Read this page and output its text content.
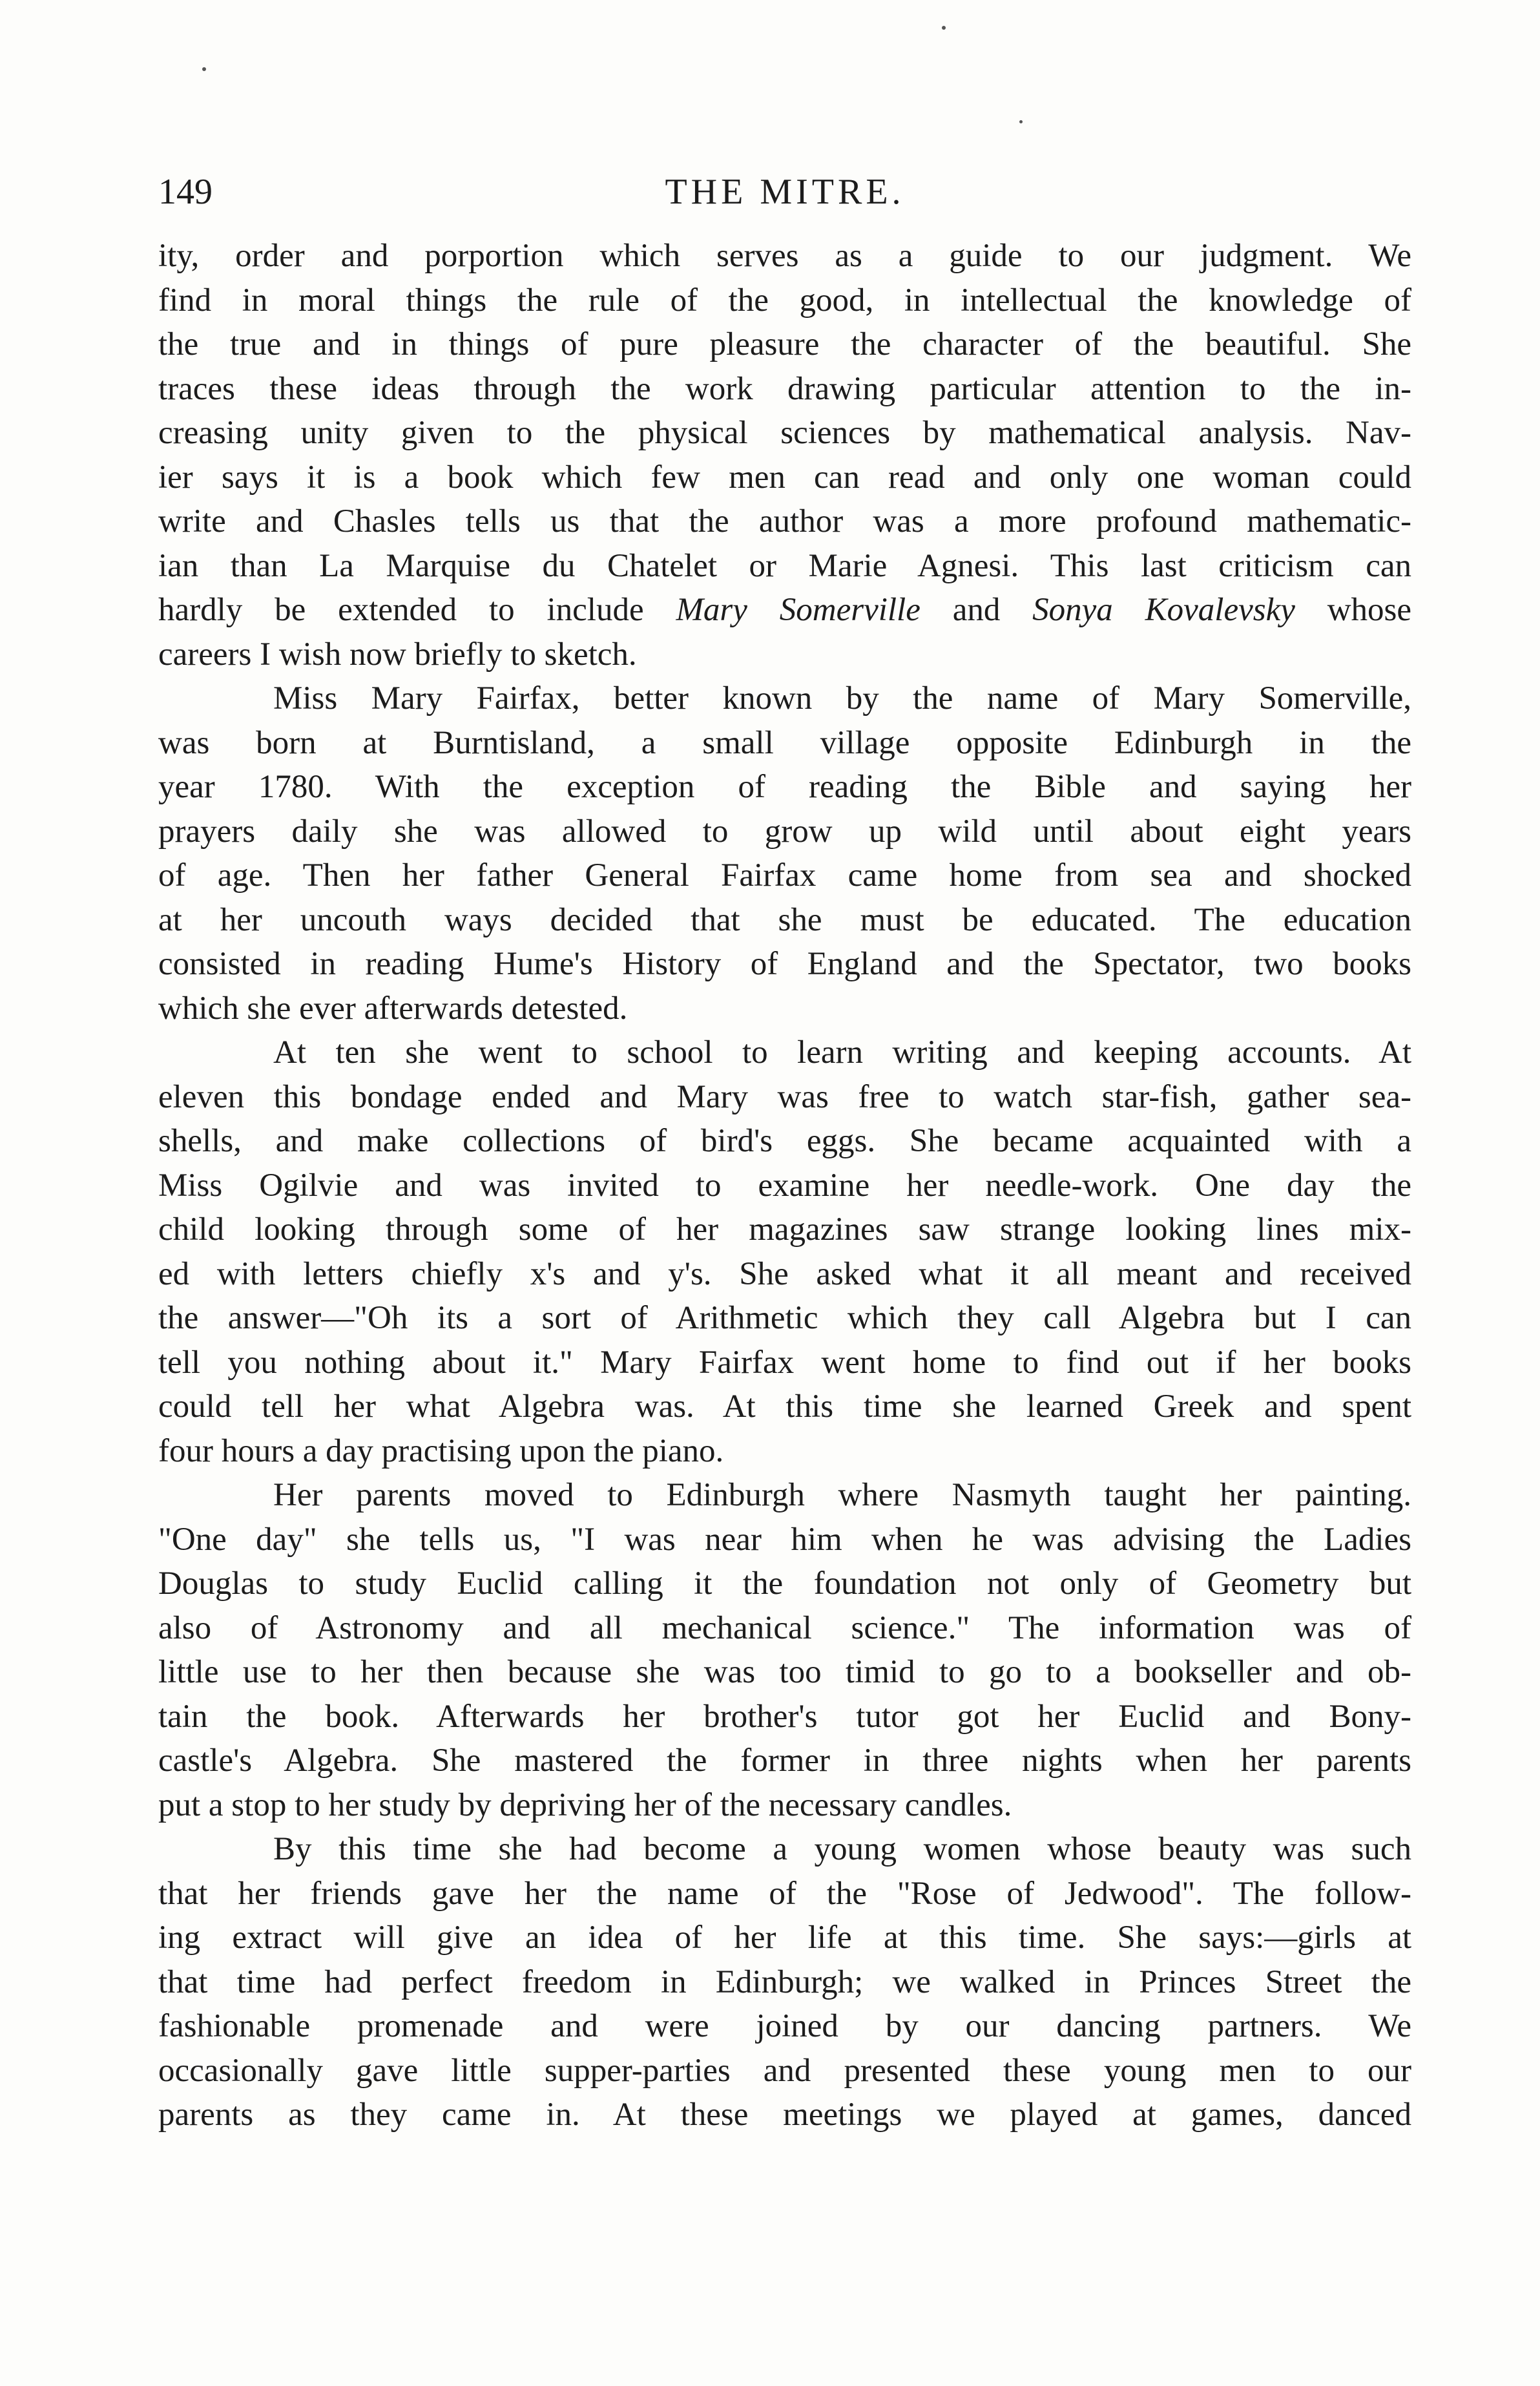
149	THE MITRE.
ity, order and porportion which serves as a guide to our judgment. We
find in moral things the rule of the good, in intellectual the knowledge of
the true and in things of pure pleasure the character of the beautiful. She
traces these ideas through the work drawing particular attention to the in-
creasing unity given to the physical sciences by mathematical analysis. Nav-
ier says it is a book which few men can read and only one woman could
write and Chasles tells us that the author was a more profound mathematic-
ian than La Marquise du Chatelet or Marie Agnesi. This last criticism can
hardly be extended to include Mary Somerville and Sonya Kovalevsky whose
careers I wish now briefly to sketch.
Miss Mary Fairfax, better known by the name of Mary Somerville,
was born at Burntisland, a small village opposite Edinburgh in the
year 1780. With the exception of reading the Bible and saying her
prayers daily she was allowed to grow up wild until about eight years
of age. Then her father General Fairfax came home from sea and shocked
at her uncouth ways decided that she must be educated. The education
consisted in reading Hume's History of England and the Spectator, two books
which she ever afterwards detested.
At ten she went to school to learn writing and keeping accounts. At
eleven this bondage ended and Mary was free to watch star-fish, gather sea-
shells, and make collections of bird's eggs. She became acquainted with a
Miss Ogilvie and was invited to examine her needle-work. One day the
child looking through some of her magazines saw strange looking lines mix-
ed with letters chiefly x's and y's. She asked what it all meant and received
the answer—"Oh its a sort of Arithmetic which they call Algebra but I can
tell you nothing about it." Mary Fairfax went home to find out if her books
could tell her what Algebra was. At this time she learned Greek and spent
four hours a day practising upon the piano.
Her parents moved to Edinburgh where Nasmyth taught her painting.
"One day" she tells us, "I was near him when he was advising the Ladies
Douglas to study Euclid calling it the foundation not only of Geometry but
also of Astronomy and all mechanical science." The information was of
little use to her then because she was too timid to go to a bookseller and ob-
tain the book. Afterwards her brother's tutor got her Euclid and Bony-
castle's Algebra. She mastered the former in three nights when her parents
put a stop to her study by depriving her of the necessary candles.
By this time she had become a young women whose beauty was such
that her friends gave her the name of the "Rose of Jedwood". The follow-
ing extract will give an idea of her life at this time. She says:—girls at
that time had perfect freedom in Edinburgh; we walked in Princes Street the
fashionable promenade and were joined by our dancing partners. We
occasionally gave little supper-parties and presented these young men to our
parents as they came in. At these meetings we played at games, danced
